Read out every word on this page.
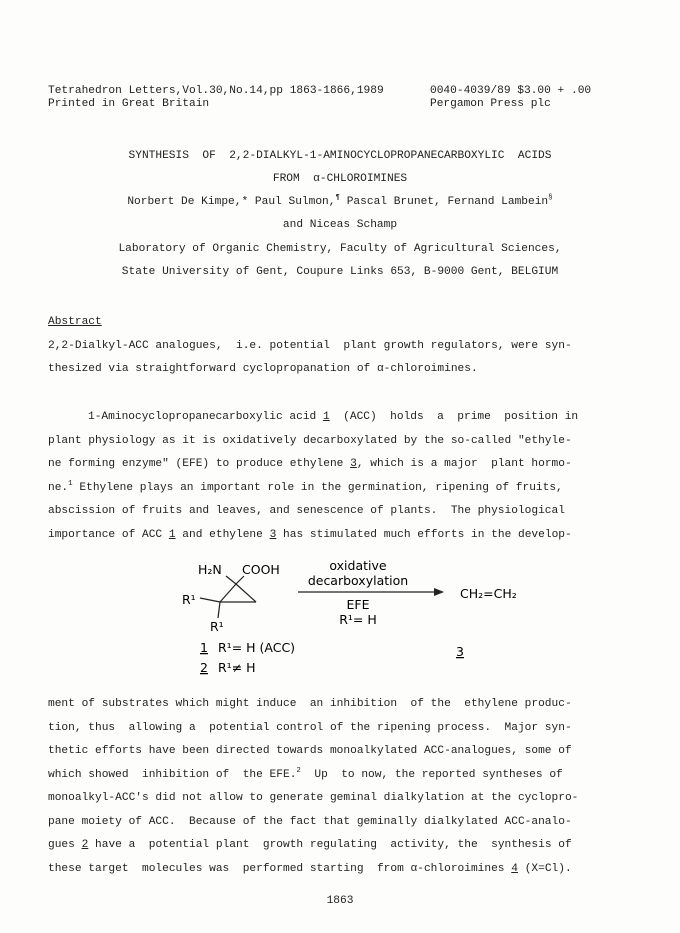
Tetrahedron Letters,Vol.30,No.14,pp 1863-1866,1989	0040-4039/89 $3.00 + .00
Printed in Great Britain	Pergamon Press plc
SYNTHESIS  OF  2,2-DIALKYL-1-AMINOCYCLOPROPANECARBOXYLIC  ACIDS
FROM  α-CHLOROIMINES
Norbert De Kimpe,* Paul Sulmon,¶ Pascal Brunet, Fernand Lambein§
and Niceas Schamp
Laboratory of Organic Chemistry, Faculty of Agricultural Sciences,
State University of Gent, Coupure Links 653, B-9000 Gent, BELGIUM
Abstract
2,2-Dialkyl-ACC analogues,  i.e. potential  plant growth regulators, were syn-
thesized via straightforward cyclopropanation of α-chloroimines.
1-Aminocyclopropanecarboxylic acid 1 (ACC)  holds  a  prime  position in
plant physiology as it is oxidatively decarboxylated by the so-called "ethyle-
ne forming enzyme" (EFE) to produce ethylene 3, which is a major  plant hormo-
ne.$^1$ Ethylene plays an important role in the germination, ripening of fruits,
abscission of fruits and leaves, and senescence of plants.  The physiological
importance of ACC 1 and ethylene 3 has stimulated much efforts in the develop-
H₂N COOH
R¹
R¹
oxidative
decarboxylation
EFE
R¹= H
CH₂=CH₂
1 R¹= H (ACC)
2 R¹≠ H
3
ment of substrates which might induce  an inhibition  of the  ethylene produc-
tion, thus  allowing a  potential control of the ripening process.  Major syn-
thetic efforts have been directed towards monoalkylated ACC-analogues, some of
which showed  inhibition of  the EFE.$^2$  Up  to now, the reported syntheses of
monoalkyl-ACC's did not allow to generate geminal dialkylation at the cyclopro-
pane moiety of ACC.  Because of the fact that geminally dialkylated ACC-analo-
gues 2 have a  potential plant  growth regulating  activity, the  synthesis of
these target  molecules was  performed starting  from α-chloroimines 4 (X=Cl).
1863
